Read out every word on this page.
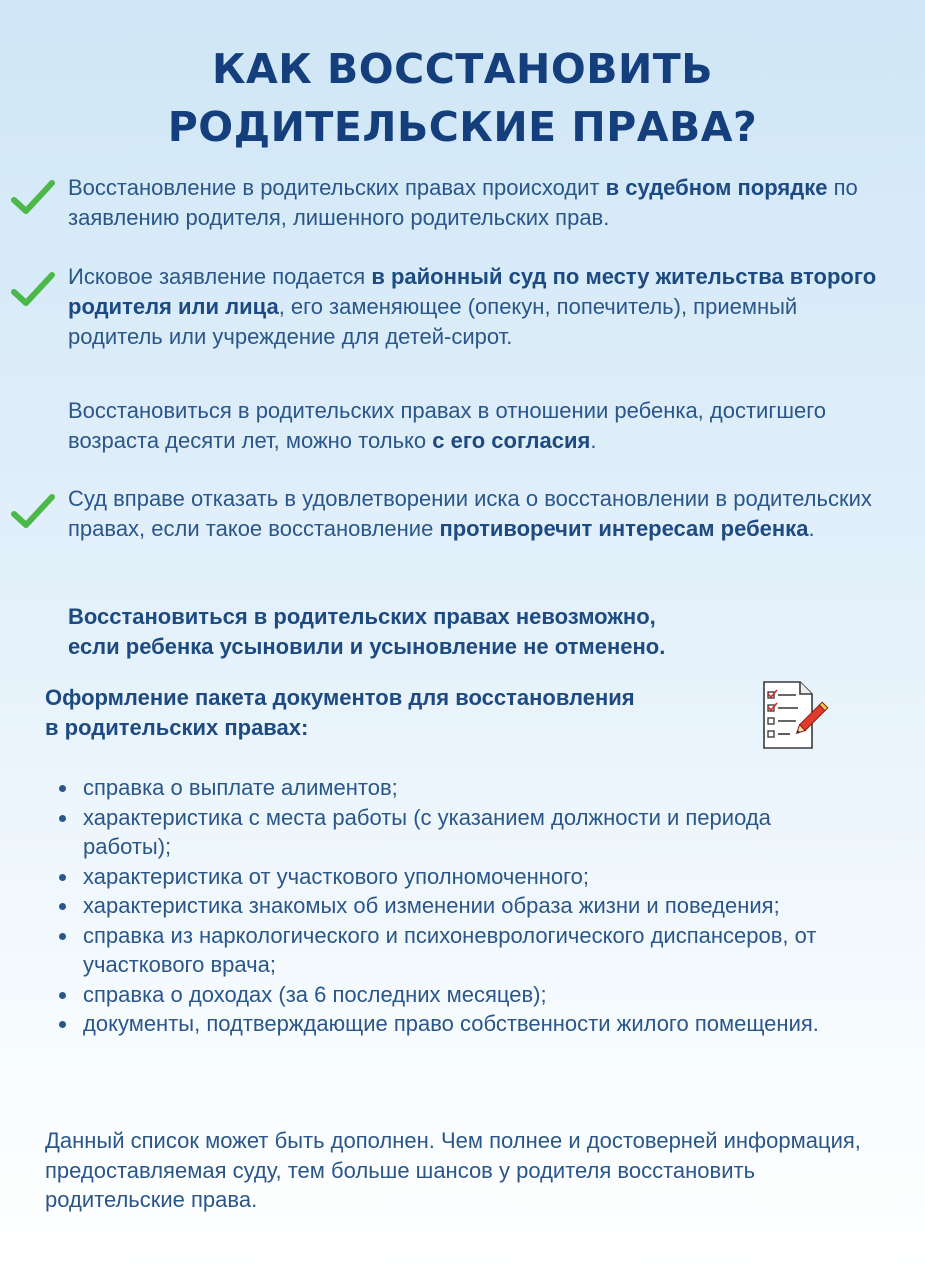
КАК ВОССТАНОВИТЬ
РОДИТЕЛЬСКИЕ ПРАВА?

Восстановление в родительских правах происходит в судебном порядке по заявлению родителя, лишенного родительских прав.

Исковое заявление подается в районный суд по месту жительства второго родителя или лица, его заменяющее (опекун, попечитель), приемный родитель или учреждение для детей-сирот.

Восстановиться в родительских правах в отношении ребенка, достигшего возраста десяти лет, можно только с его согласия.

Суд вправе отказать в удовлетворении иска о восстановлении в родительских правах, если такое восстановление противоречит интересам ребенка.

Восстановиться в родительских правах невозможно,
если ребенка усыновили и усыновление не отменено.

Оформление пакета документов для восстановления
в родительских правах:

справка о выплате алиментов;
характеристика с места работы (с указанием должности и периода работы);
характеристика от участкового уполномоченного;
характеристика знакомых об изменении образа жизни и поведения;
справка из наркологического и психоневрологического диспансеров, от участкового врача;
справка о доходах (за 6 последних месяцев);
документы, подтверждающие право собственности жилого помещения.

Данный список может быть дополнен. Чем полнее и достоверней информация, предоставляемая суду, тем больше шансов у родителя восстановить родительские права.
